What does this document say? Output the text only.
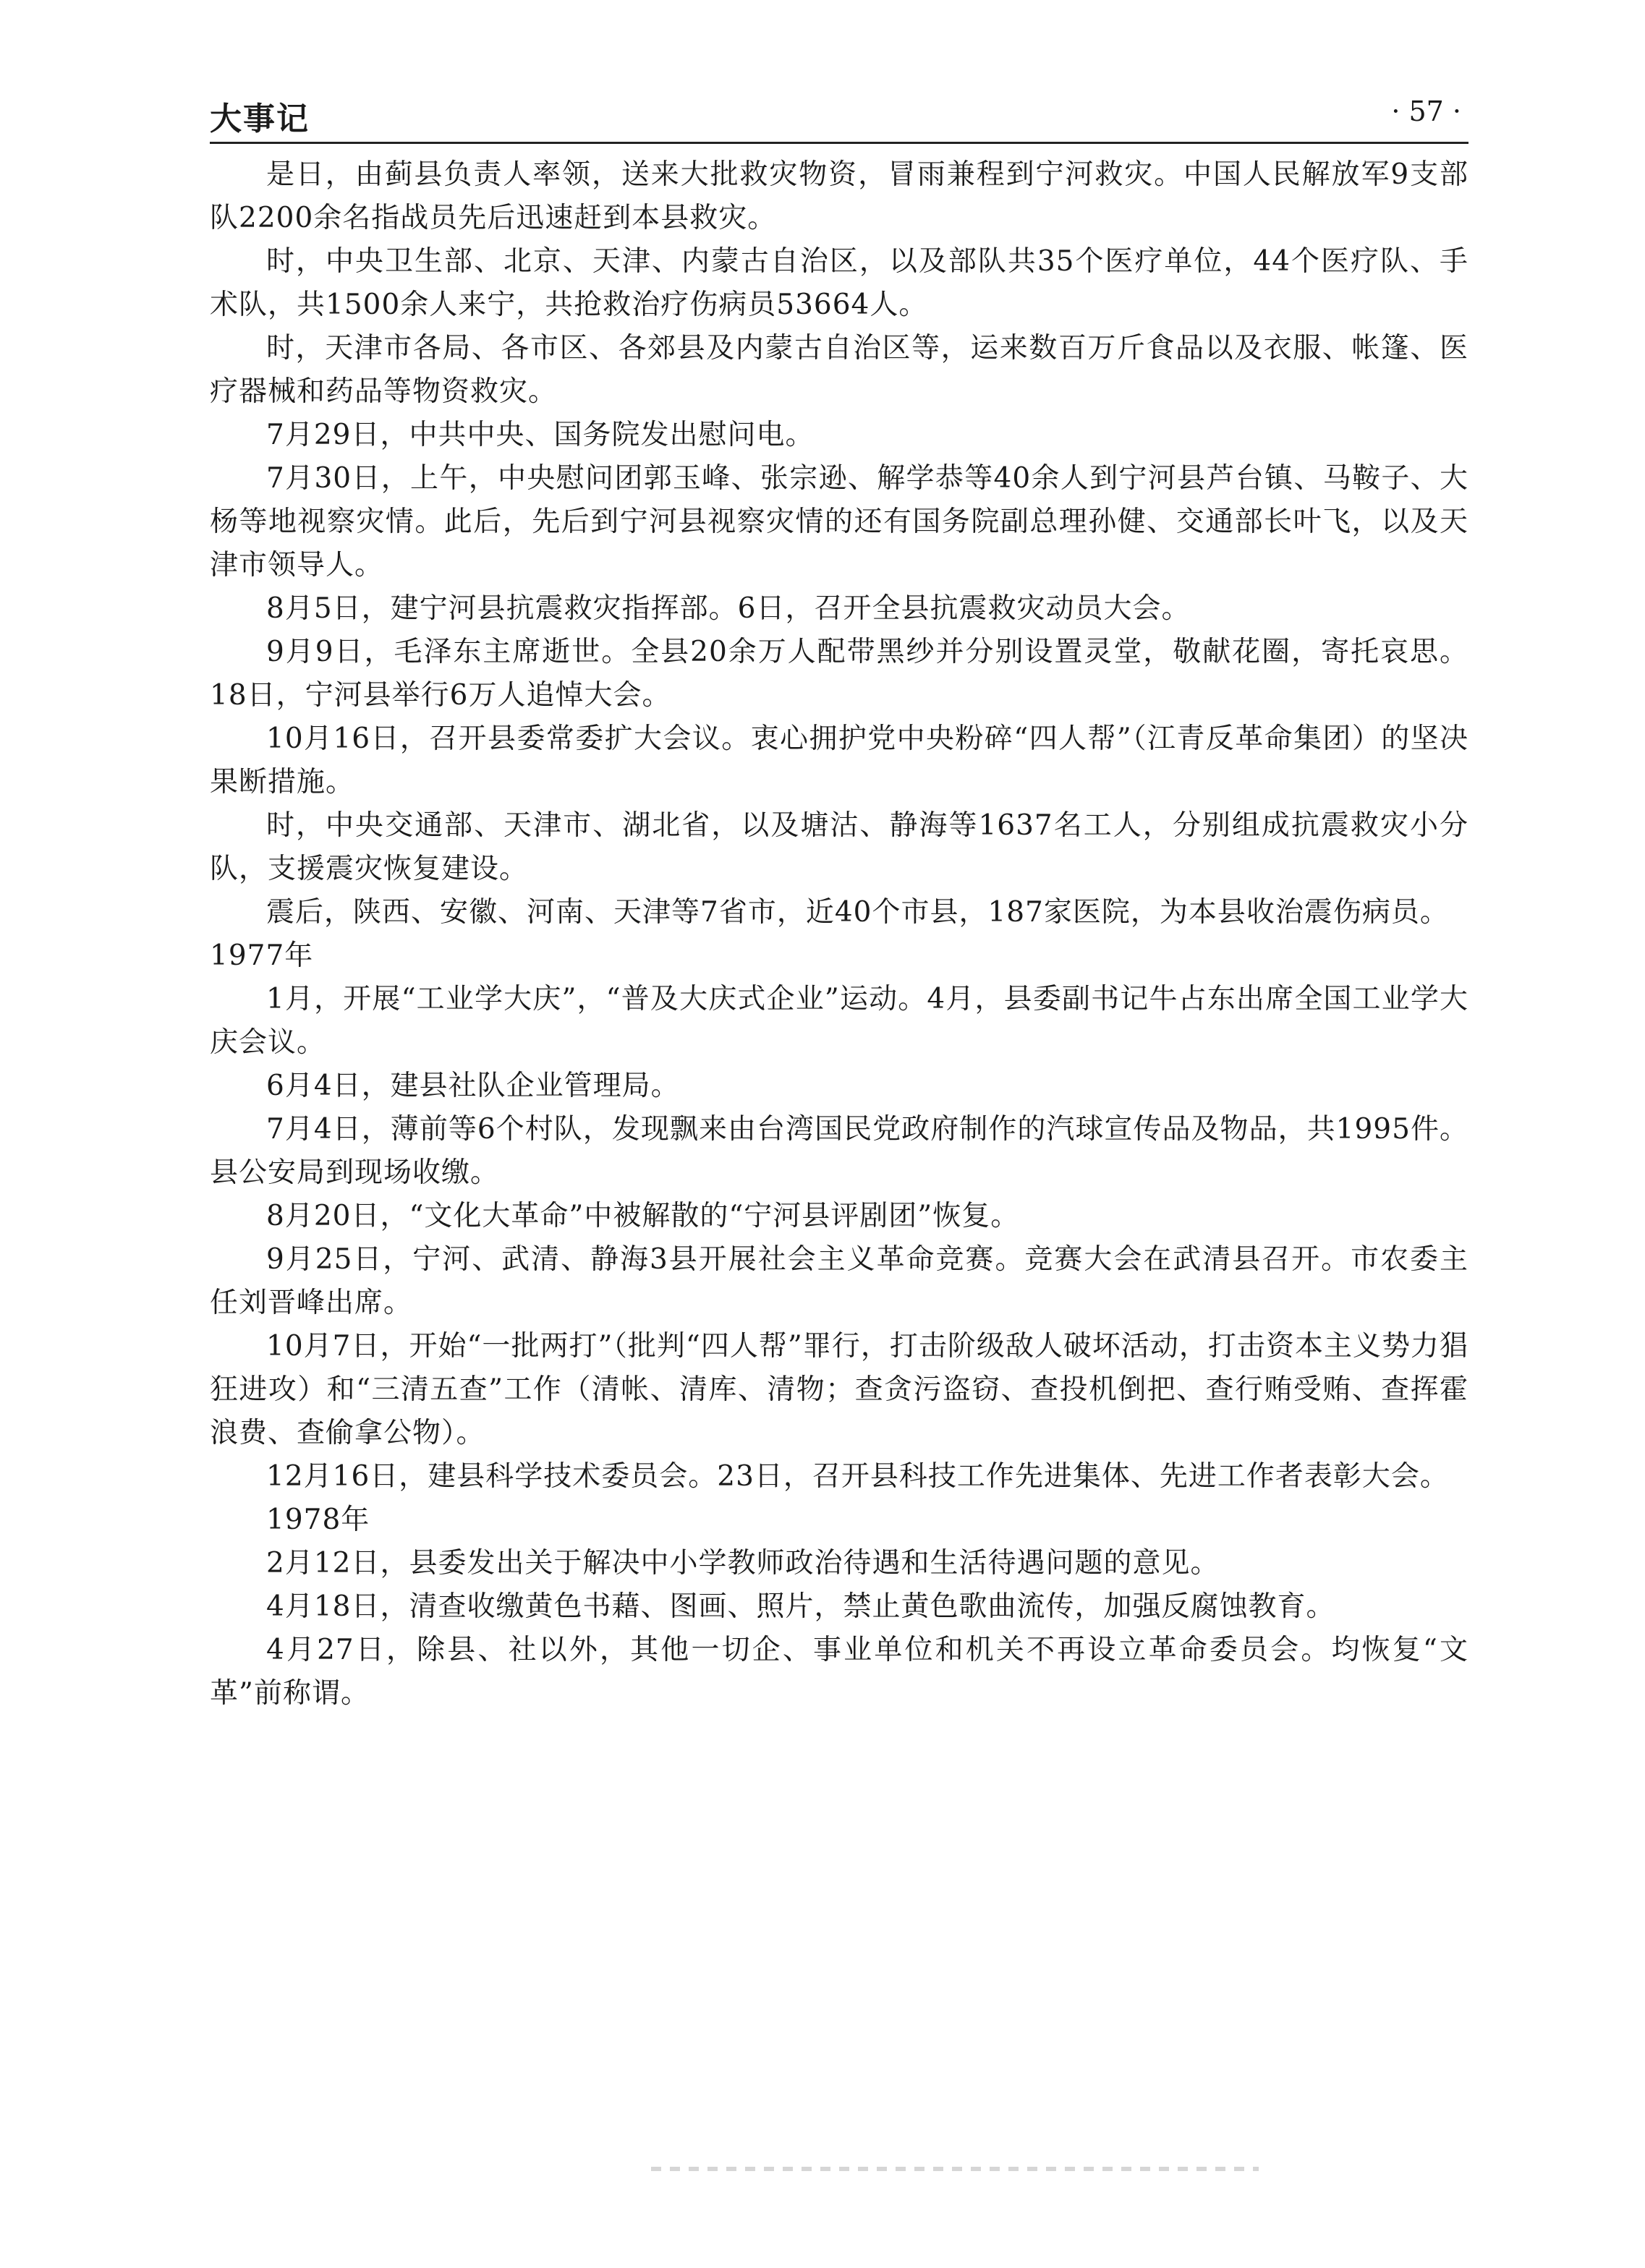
大事记	· 57 ·

是日，由蓟县负责人率领，送来大批救灾物资，冒雨兼程到宁河救灾。中国人民解放军9支部队2200余名指战员先后迅速赶到本县救灾。

时，中央卫生部、北京、天津、内蒙古自治区，以及部队共35个医疗单位，44个医疗队、手术队，共1500余人来宁，共抢救治疗伤病员53664人。

时，天津市各局、各市区、各郊县及内蒙古自治区等，运来数百万斤食品以及衣服、帐篷、医疗器械和药品等物资救灾。

7月29日，中共中央、国务院发出慰问电。

7月30日，上午，中央慰问团郭玉峰、张宗逊、解学恭等40余人到宁河县芦台镇、马鞍子、大杨等地视察灾情。此后，先后到宁河县视察灾情的还有国务院副总理孙健、交通部长叶飞，以及天津市领导人。

8月5日，建宁河县抗震救灾指挥部。6日，召开全县抗震救灾动员大会。

9月9日，毛泽东主席逝世。全县20余万人配带黑纱并分别设置灵堂，敬献花圈，寄托哀思。18日，宁河县举行6万人追悼大会。

10月16日，召开县委常委扩大会议。衷心拥护党中央粉碎“四人帮”（江青反革命集团）的坚决果断措施。

时，中央交通部、天津市、湖北省，以及塘沽、静海等1637名工人，分别组成抗震救灾小分队，支援震灾恢复建设。

震后，陕西、安徽、河南、天津等7省市，近40个市县，187家医院，为本县收治震伤病员。

1977年

1月，开展“工业学大庆”，“普及大庆式企业”运动。4月，县委副书记牛占东出席全国工业学大庆会议。

6月4日，建县社队企业管理局。

7月4日，薄前等6个村队，发现飘来由台湾国民党政府制作的汽球宣传品及物品，共1995件。县公安局到现场收缴。

8月20日，“文化大革命”中被解散的“宁河县评剧团”恢复。

9月25日，宁河、武清、静海3县开展社会主义革命竞赛。竞赛大会在武清县召开。市农委主任刘晋峰出席。

10月7日，开始“一批两打”（批判“四人帮”罪行，打击阶级敌人破坏活动，打击资本主义势力猖狂进攻）和“三清五查”工作（清帐、清库、清物；查贪污盗窃、查投机倒把、查行贿受贿、查挥霍浪费、查偷拿公物）。

12月16日，建县科学技术委员会。23日，召开县科技工作先进集体、先进工作者表彰大会。

1978年

2月12日，县委发出关于解决中小学教师政治待遇和生活待遇问题的意见。

4月18日，清查收缴黄色书藉、图画、照片，禁止黄色歌曲流传，加强反腐蚀教育。

4月27日，除县、社以外，其他一切企、事业单位和机关不再设立革命委员会。均恢复“文革”前称谓。
